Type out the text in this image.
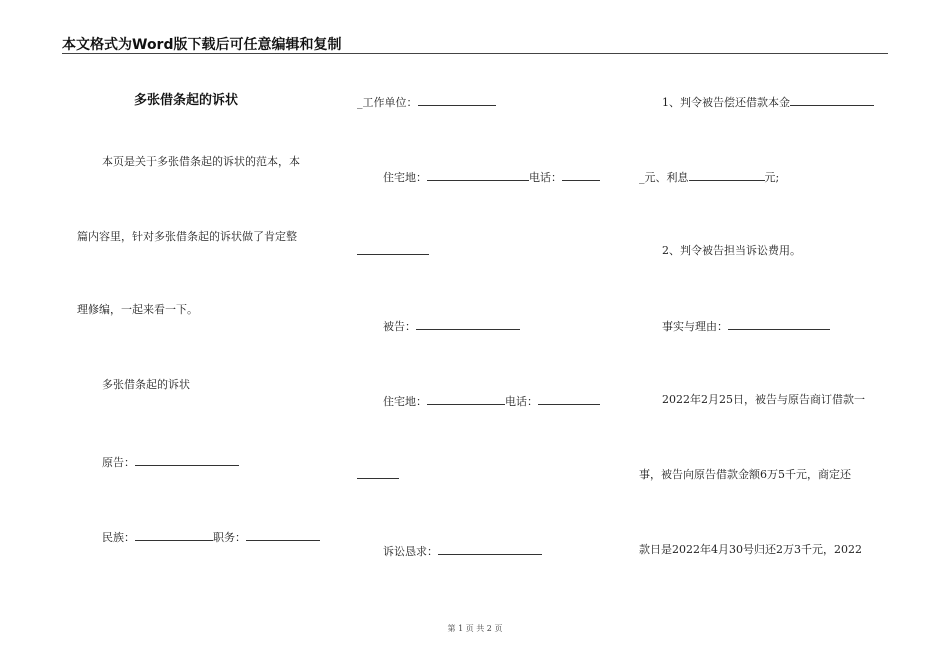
本文格式为Word版下载后可任意编辑和复制
多张借条起的诉状
本页是关于多张借条起的诉状的范本，本
篇内容里，针对多张借条起的诉状做了肯定整
理修编，一起来看一下。
多张借条起的诉状
原告：
民族：	职务：
_工作单位：
住宅地：	电话：
被告：
住宅地：	电话：
诉讼恳求：
1、判令被告偿还借款本金
_元、利息	元;
2、判令被告担当诉讼费用。
事实与理由：
2022年2月25日，被告与原告商订借款一
事，被告向原告借款金额6万5千元，商定还
款日是2022年4月30号归还2万3千元，2022
第 1 页 共 2 页
